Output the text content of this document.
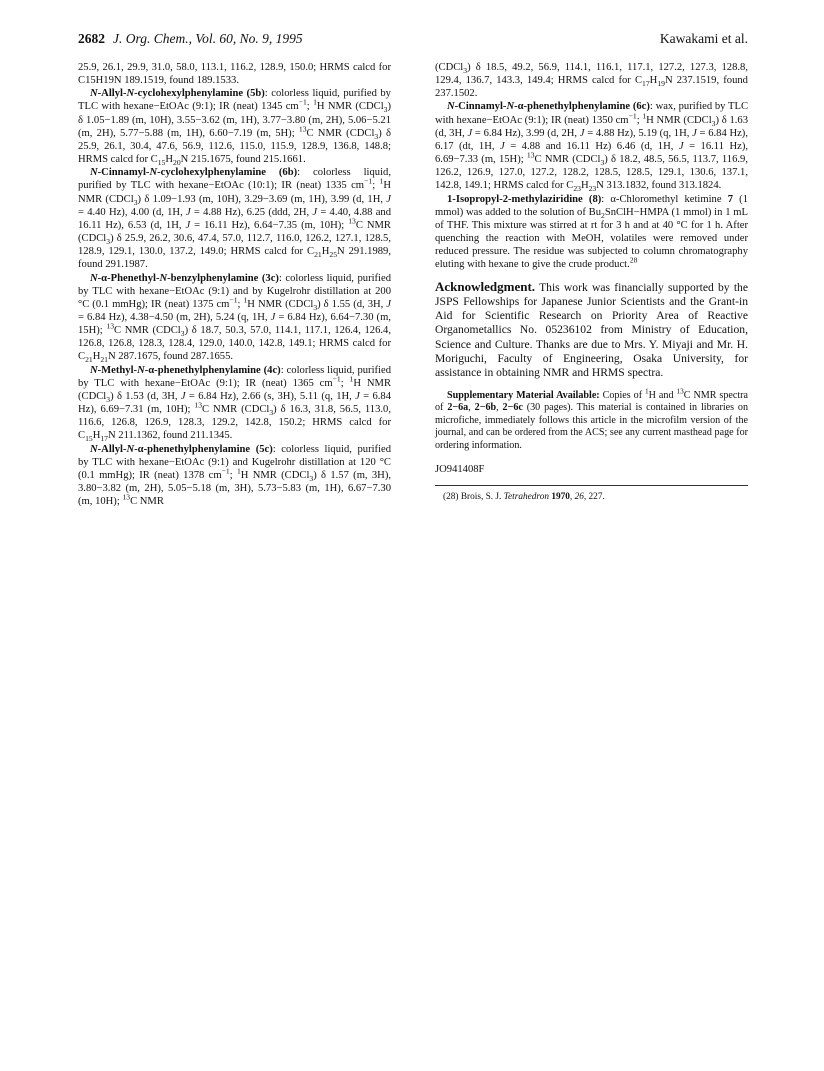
2682 J. Org. Chem., Vol. 60, No. 9, 1995	Kawakami et al.

25.9, 26.1, 29.9, 31.0, 58.0, 113.1, 116.2, 128.9, 150.0; HRMS calcd for C15H19N 189.1519, found 189.1533.

N-Allyl-N-cyclohexylphenylamine (5b): colorless liquid, purified by TLC with hexane−EtOAc (9:1); IR (neat) 1345 $cm^{-1}$; $^1$H NMR (CDCl$_3$) δ 1.05−1.89 (m, 10H), 3.55−3.62 (m, 1H), 3.77−3.80 (m, 2H), 5.06−5.21 (m, 2H), 5.77−5.88 (m, 1H), 6.60−7.19 (m, 5H); $^{13}$C NMR (CDCl$_3$) δ 25.9, 26.1, 30.4, 47.6, 56.9, 112.6, 115.0, 115.9, 128.9, 136.8, 148.8; HRMS calcd for $C_{15}H_{20}N$ 215.1675, found 215.1661.

N-Cinnamyl-N-cyclohexylphenylamine (6b): colorless liquid, purified by TLC with hexane−EtOAc (10:1); IR (neat) 1335 $cm^{-1}$; $^1$H NMR (CDCl$_3$) δ 1.09−1.93 (m, 10H), 3.29−3.69 (m, 1H), 3.99 (d, 1H, J = 4.40 Hz), 4.00 (d, 1H, J = 4.88 Hz), 6.25 (ddd, 2H, J = 4.40, 4.88 and 16.11 Hz), 6.53 (d, 1H, J = 16.11 Hz), 6.64−7.35 (m, 10H); $^{13}$C NMR (CDCl$_3$) δ 25.9, 26.2, 30.6, 47.4, 57.0, 112.7, 116.0, 126.2, 127.1, 128.5, 128.9, 129.1, 130.0, 137.2, 149.0; HRMS calcd for $C_{21}H_{25}N$ 291.1989, found 291.1987.

N-α-Phenethyl-N-benzylphenylamine (3c): colorless liquid, purified by TLC with hexane−EtOAc (9:1) and by Kugelrohr distillation at 200 °C (0.1 mmHg); IR (neat) 1375 $cm^{-1}$; $^1$H NMR (CDCl$_3$) δ 1.55 (d, 3H, J = 6.84 Hz), 4.38−4.50 (m, 2H), 5.24 (q, 1H, J = 6.84 Hz), 6.64−7.30 (m, 15H); $^{13}$C NMR (CDCl$_3$) δ 18.7, 50.3, 57.0, 114.1, 117.1, 126.4, 126.4, 126.8, 126.8, 128.3, 128.4, 129.0, 140.0, 142.8, 149.1; HRMS calcd for $C_{21}H_{21}N$ 287.1675, found 287.1655.

N-Methyl-N-α-phenethylphenylamine (4c): colorless liquid, purified by TLC with hexane−EtOAc (9:1); IR (neat) 1365 $cm^{-1}$; $^1$H NMR (CDCl$_3$) δ 1.53 (d, 3H, J = 6.84 Hz), 2.66 (s, 3H), 5.11 (q, 1H, J = 6.84 Hz), 6.69−7.31 (m, 10H); $^{13}$C NMR (CDCl$_3$) δ 16.3, 31.8, 56.5, 113.0, 116.6, 126.8, 126.9, 128.3, 129.2, 142.8, 150.2; HRMS calcd for $C_{15}H_{17}N$ 211.1362, found 211.1345.

N-Allyl-N-α-phenethylphenylamine (5c): colorless liquid, purified by TLC with hexane−EtOAc (9:1) and Kugelrohr distillation at 120 °C (0.1 mmHg); IR (neat) 1378 $cm^{-1}$; $^1$H NMR (CDCl$_3$) δ 1.57 (m, 3H), 3.80−3.82 (m, 2H), 5.05−5.18 (m, 3H), 5.73−5.83 (m, 1H), 6.67−7.30 (m, 10H); $^{13}$C NMR

(CDCl$_3$) δ 18.5, 49.2, 56.9, 114.1, 116.1, 117.1, 127.2, 127.3, 128.8, 129.4, 136.7, 143.3, 149.4; HRMS calcd for $C_{17}H_{19}N$ 237.1519, found 237.1502.

N-Cinnamyl-N-α-phenethylphenylamine (6c): wax, purified by TLC with hexane−EtOAc (9:1); IR (neat) 1350 $cm^{-1}$; $^1$H NMR (CDCl$_3$) δ 1.63 (d, 3H, J = 6.84 Hz), 3.99 (d, 2H, J = 4.88 Hz), 5.19 (q, 1H, J = 6.84 Hz), 6.17 (dt, 1H, J = 4.88 and 16.11 Hz) 6.46 (d, 1H, J = 16.11 Hz), 6.69−7.33 (m, 15H); $^{13}$C NMR (CDCl$_3$) δ 18.2, 48.5, 56.5, 113.7, 116.9, 126.2, 126.9, 127.0, 127.2, 128.2, 128.5, 128.5, 129.1, 130.6, 137.1, 142.8, 149.1; HRMS calcd for $C_{23}H_{23}N$ 313.1832, found 313.1824.

1-Isopropyl-2-methylaziridine (8): α-Chloromethyl ketimine 7 (1 mmol) was added to the solution of $Bu_2SnClH-HMPA$ (1 mmol) in 1 mL of THF. This mixture was stirred at rt for 3 h and at 40 °C for 1 h. After quenching the reaction with MeOH, volatiles were removed under reduced pressure. The residue was subjected to column chromatography eluting with hexane to give the crude product.$^{28}$

Acknowledgment. This work was financially supported by the JSPS Fellowships for Japanese Junior Scientists and the Grant-in Aid for Scientific Research on Priority Area of Reactive Organometallics No. 05236102 from Ministry of Education, Science and Culture. Thanks are due to Mrs. Y. Miyaji and Mr. H. Moriguchi, Faculty of Engineering, Osaka University, for assistance in obtaining NMR and HRMS spectra.

Supplementary Material Available: Copies of $^1$H and $^{13}$C NMR spectra of 2−6a, 2−6b, 2−6c (30 pages). This material is contained in libraries on microfiche, immediately follows this article in the microfilm version of the journal, and can be ordered from the ACS; see any current masthead page for ordering information.

JO941408F

(28) Brois, S. J. Tetrahedron 1970, 26, 227.
